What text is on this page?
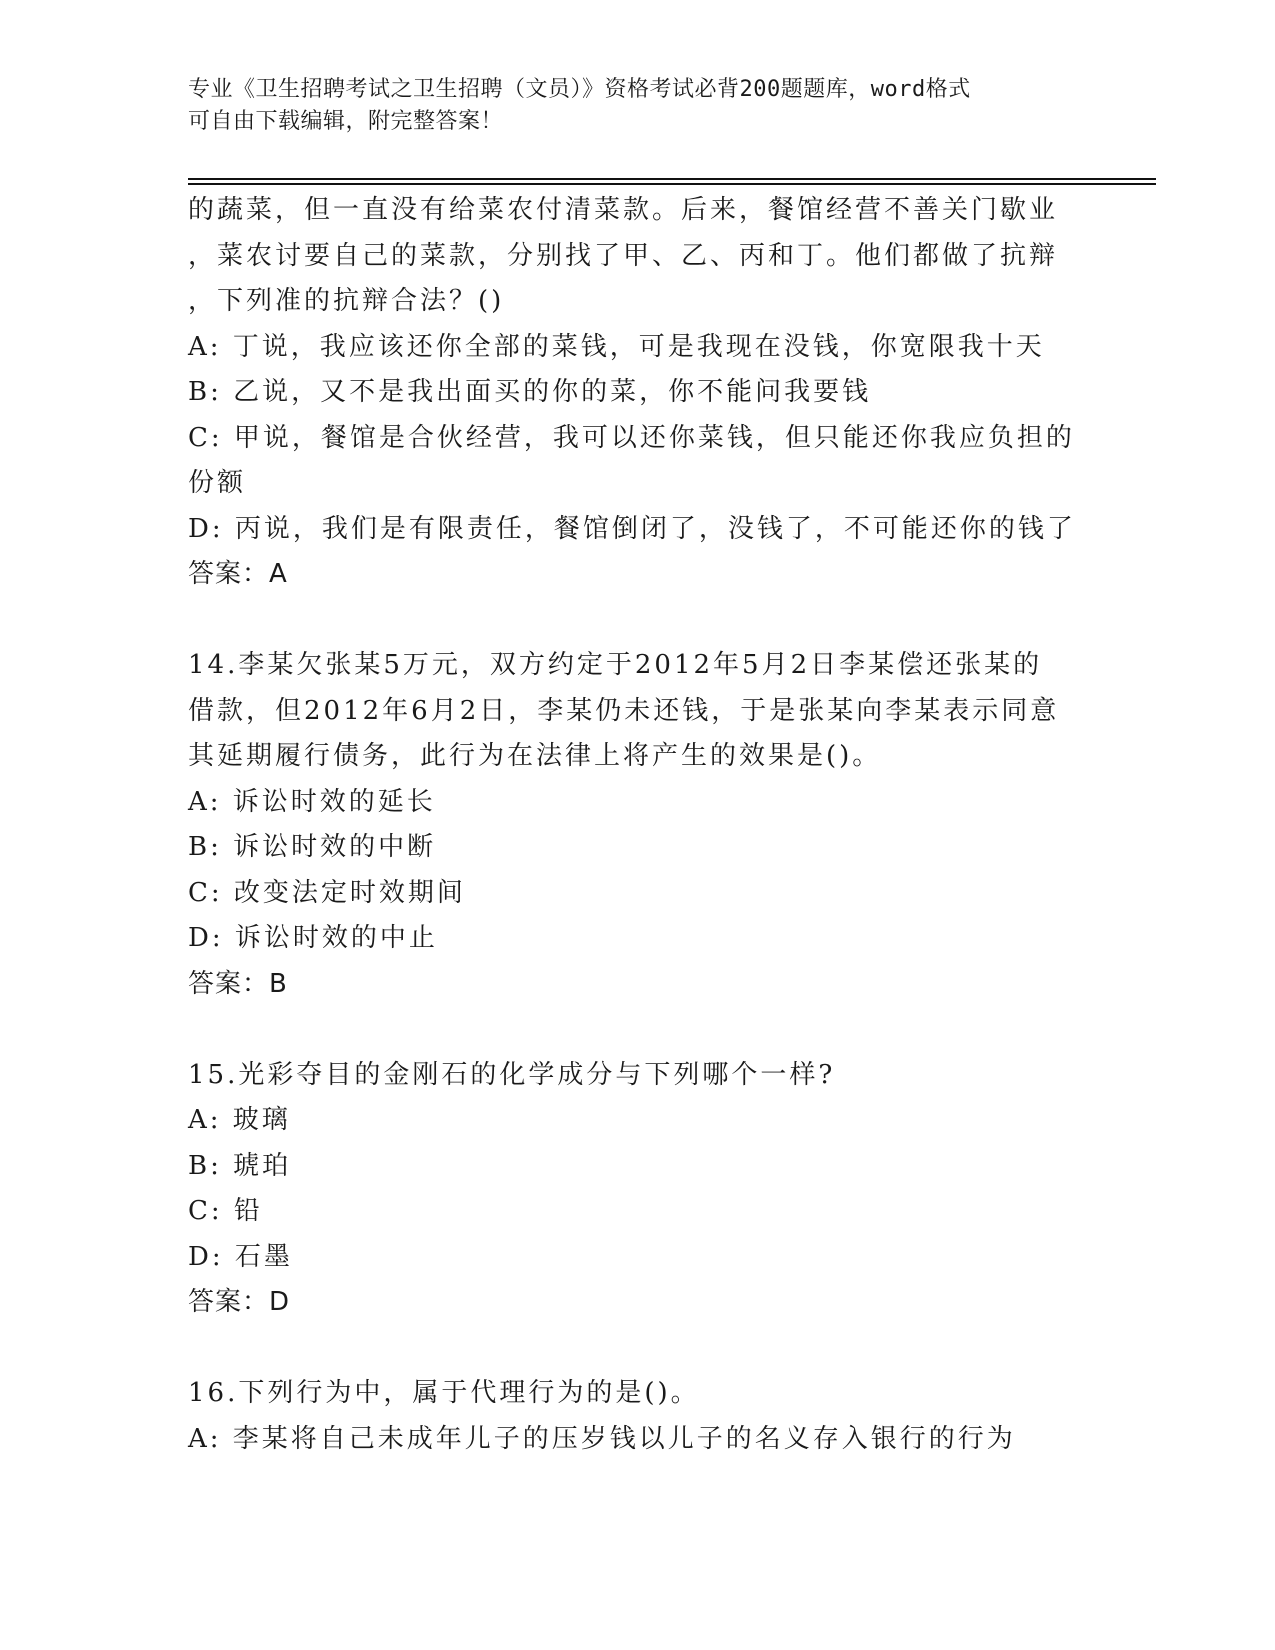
专业《卫生招聘考试之卫生招聘（文员）》资格考试必背200题题库，word格式
可自由下载编辑，附完整答案！
的蔬菜，但一直没有给菜农付清菜款。后来，餐馆经营不善关门歇业
，菜农讨要自己的菜款，分别找了甲、乙、丙和丁。他们都做了抗辩
，下列准的抗辩合法？()
A: 丁说，我应该还你全部的菜钱，可是我现在没钱，你宽限我十天
B: 乙说，又不是我出面买的你的菜，你不能问我要钱
C: 甲说，餐馆是合伙经营，我可以还你菜钱，但只能还你我应负担的
份额
D: 丙说，我们是有限责任，餐馆倒闭了，没钱了，不可能还你的钱了
答案：A
14.李某欠张某5万元，双方约定于2012年5月2日李某偿还张某的
借款，但2012年6月2日，李某仍未还钱，于是张某向李某表示同意
其延期履行债务，此行为在法律上将产生的效果是()。
A: 诉讼时效的延长
B: 诉讼时效的中断
C: 改变法定时效期间
D: 诉讼时效的中止
答案：B
15.光彩夺目的金刚石的化学成分与下列哪个一样?
A: 玻璃
B: 琥珀
C: 铅
D: 石墨
答案：D
16.下列行为中，属于代理行为的是()。
A: 李某将自己未成年儿子的压岁钱以儿子的名义存入银行的行为
